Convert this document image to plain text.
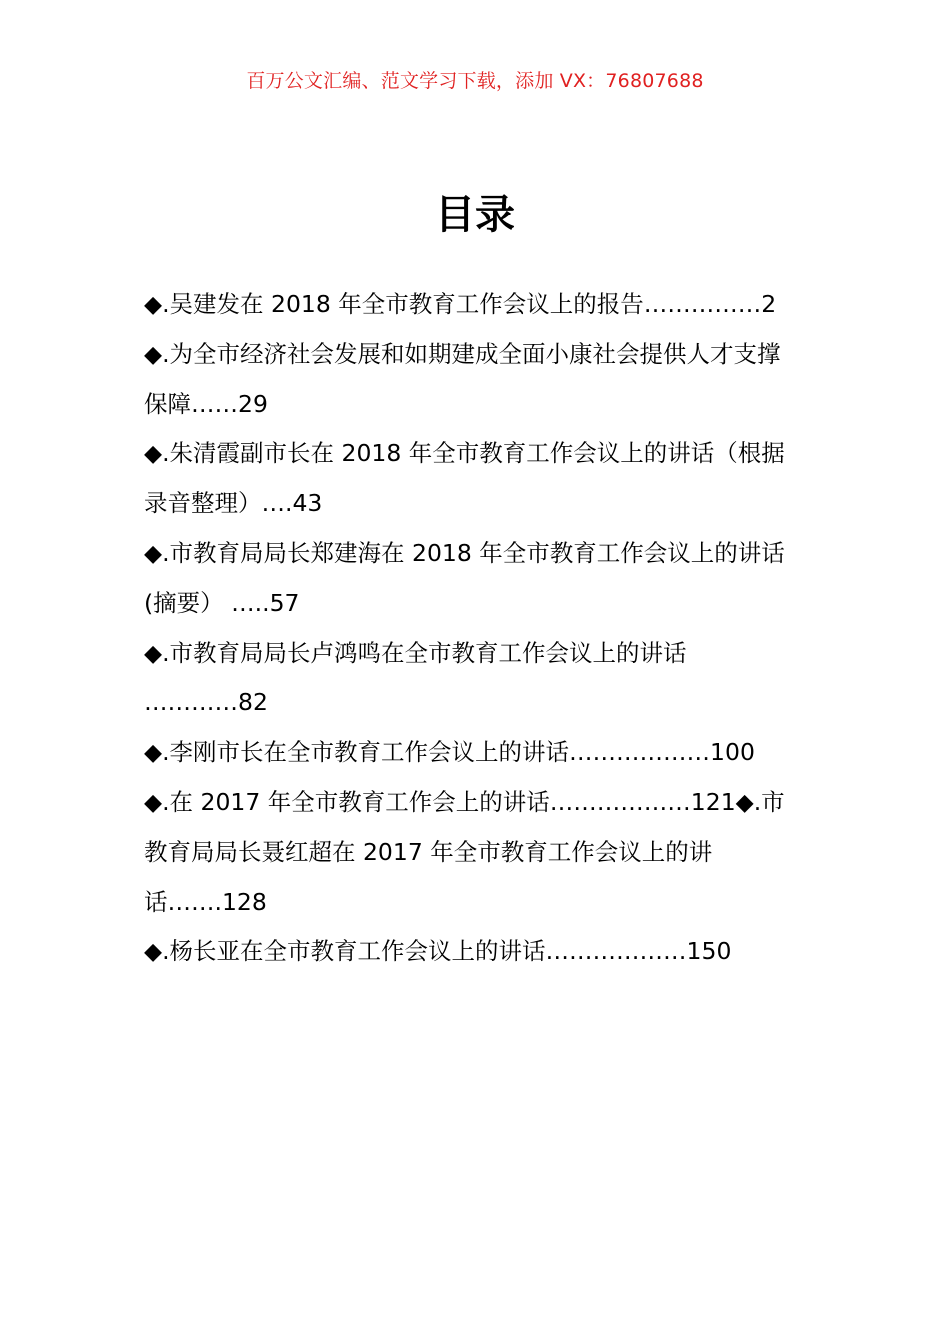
百万公文汇编、范文学习下载，添加 VX：76807688
目录
◆.吴建发在 2018 年全市教育工作会议上的报告……………2
◆.为全市经济社会发展和如期建成全面小康社会提供人才支撑
保障……29
◆.朱清霞副市长在 2018 年全市教育工作会议上的讲话（根据
录音整理）….43
◆.市教育局局长郑建海在 2018 年全市教育工作会议上的讲话
(摘要） …..57
◆.市教育局局长卢鸿鸣在全市教育工作会议上的讲话
…………82
◆.李刚市长在全市教育工作会议上的讲话………………100
◆.在 2017 年全市教育工作会上的讲话………………121◆.市
教育局局长聂红超在 2017 年全市教育工作会议上的讲
话…….128
◆.杨长亚在全市教育工作会议上的讲话………………150
